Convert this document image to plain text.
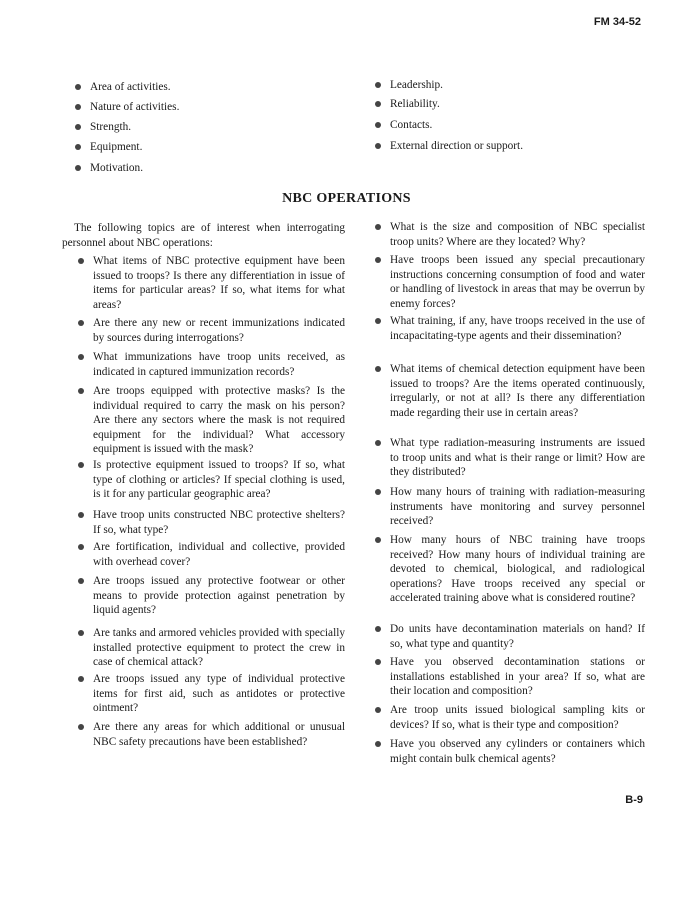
FM 34-52
Area of activities.
Nature of activities.
Strength.
Equipment.
Motivation.
Leadership.
Reliability.
Contacts.
External direction or support.
NBC OPERATIONS
The following topics are of interest when interrogating personnel about NBC operations:
What items of NBC protective equipment have been issued to troops? Is there any differentiation in issue of items for particular areas? If so, what items for what areas?
Are there any new or recent immunizations indicated by sources during interrogations?
What immunizations have troop units received, as indicated in captured immunization records?
Are troops equipped with protective masks? Is the individual required to carry the mask on his person? Are there any sectors where the mask is not required equipment for the individual? What accessory equipment is issued with the mask?
Is protective equipment issued to troops? If so, what type of clothing or articles? If special clothing is used, is it for any particular geographic area?
Have troop units constructed NBC protective shelters? If so, what type?
Are fortification, individual and collective, provided with overhead cover?
Are troops issued any protective footwear or other means to provide protection against penetration by liquid agents?
Are tanks and armored vehicles provided with specially installed protective equipment to protect the crew in case of chemical attack?
Are troops issued any type of individual protective items for first aid, such as antidotes or protective ointment?
Are there any areas for which additional or unusual NBC safety precautions have been established?
What is the size and composition of NBC specialist troop units? Where are they located? Why?
Have troops been issued any special precautionary instructions concerning consumption of food and water or handling of livestock in areas that may be overrun by enemy forces?
What training, if any, have troops received in the use of incapacitating-type agents and their dissemination?
What items of chemical detection equipment have been issued to troops? Are the items operated continuously, irregularly, or not at all? Is there any differentiation made regarding their use in certain areas?
What type radiation-measuring instruments are issued to troop units and what is their range or limit? How are they distributed?
How many hours of training with radiation-measuring instruments have monitoring and survey personnel received?
How many hours of NBC training have troops received? How many hours of individual training are devoted to chemical, biological, and radiological operations? Have troops received any special or accelerated training above what is considered routine?
Do units have decontamination materials on hand? If so, what type and quantity?
Have you observed decontamination stations or installations established in your area? If so, what are their location and composition?
Are troop units issued biological sampling kits or devices? If so, what is their type and composition?
Have you observed any cylinders or containers which might contain bulk chemical agents?
B-9
